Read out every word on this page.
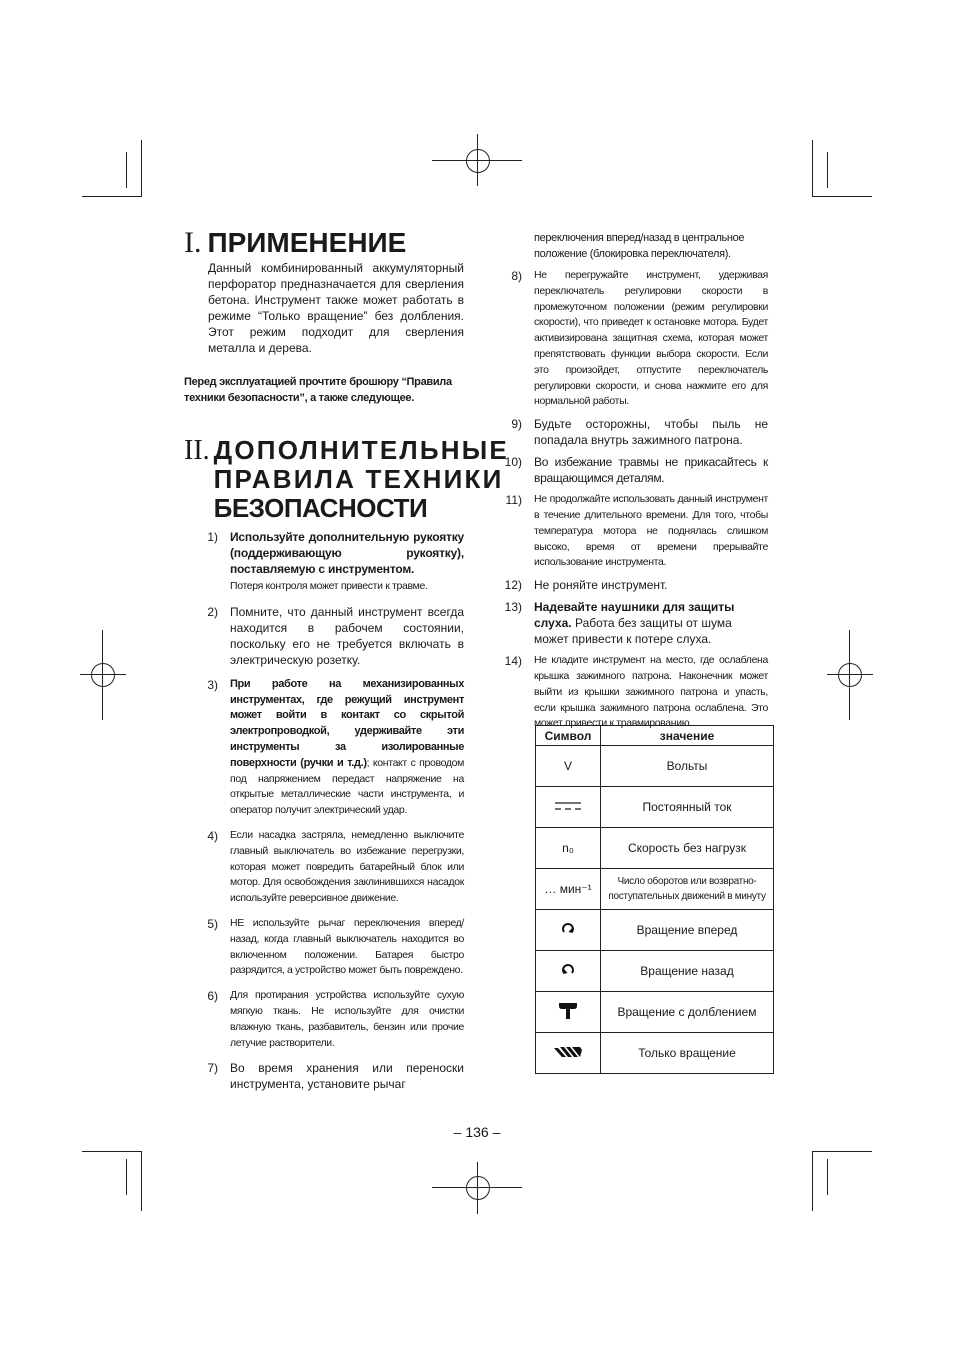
I. ПРИМЕНЕНИЕ

Данный комбинированный аккумуляторный перфоратор предназначается для сверления бетона. Инструмент также может работать в режиме “Только вращение” без долбления. Этот режим подходит для сверления металла и дерева.

Перед эксплуатацией прочтите брошюру “Правила техники безопасности”, а также следующее.

II. ДОПОЛНИТЕЛЬНЫЕ
ПРАВИЛА ТЕХНИКИ
БЕЗОПАСНОСТИ
1)	Используйте дополнительную рукоятку (поддерживающую рукоятку), поставляемую с инструментом.
Потеря контроля может привести к травме.
2)	Помните, что данный инструмент всегда находится в рабочем состоянии, поскольку его не требуется включать в электрическую розетку.
3)	При работе на механизированных инструментах, где режущий инструмент может войти в контакт со скрытой электропроводкой, удерживайте эти инструменты за изолированные поверхности (ручки и т.д.); контакт с проводом под напряжением передаст напряжение на открытые металлические части инструмента, и оператор получит электрический удар.
4)	Если насадка застряла, немедленно выключите главный выключатель во избежание перегрузки, которая может повредить батарейный блок или мотор. Для освобождения заклинившихся насадок используйте реверсивное движение.
5)	НЕ используйте рычаг переключения вперед/назад, когда главный выключатель находится во включенном положении. Батарея быстро разрядится, а устройство может быть повреждено.
6)	Для протирания устройства используйте сухую мягкую ткань. Не используйте для очистки влажную ткань, разбавитель, бензин или прочие летучие растворители.
7)	Во время хранения или переноски инструмента, установите рычаг

переключения вперед/назад в центральное положение (блокировка переключателя).

8)	Не перегружайте инструмент, удерживая переключатель регулировки скорости в промежуточном положении (режим регулировки скорости), что приведет к остановке мотора. Будет активизирована защитная схема, которая может препятствовать функции выбора скорости. Если это произойдет, отпустите переключатель регулировки скорости, и снова нажмите его для нормальной работы.
9)	Будьте осторожны, чтобы пыль не попадала внутрь зажимного патрона.
10)	Во избежание травмы не прикасайтесь к вращающимся деталям.
11)	Не продолжайте использовать данный инструмент в течение длительного времени. Для того, чтобы температура мотора не поднялась слишком высоко, время от времени прерывайте использование инструмента.
12)	Не роняйте инструмент.
13)	Надевайте наушники для защиты слуха. Работа без защиты от шума может привести к потере слуха.
14)	Не кладите инструмент на место, где ослаблена крышка зажимного патрона. Наконечник может выйти из крышки зажимного патрона и упасть, если крышка зажимного патрона ослаблена. Это может привести к травмированию.
Символ	значение
V	Вольты
	Постоянный ток
n₀	Скорость без нагрузк
… мин⁻¹	Число оборотов или возвратно-поступательных движений в минуту
	Вращение вперед
	Вращение назад
	Вращение с долблением
	Только вращение
– 136 –
